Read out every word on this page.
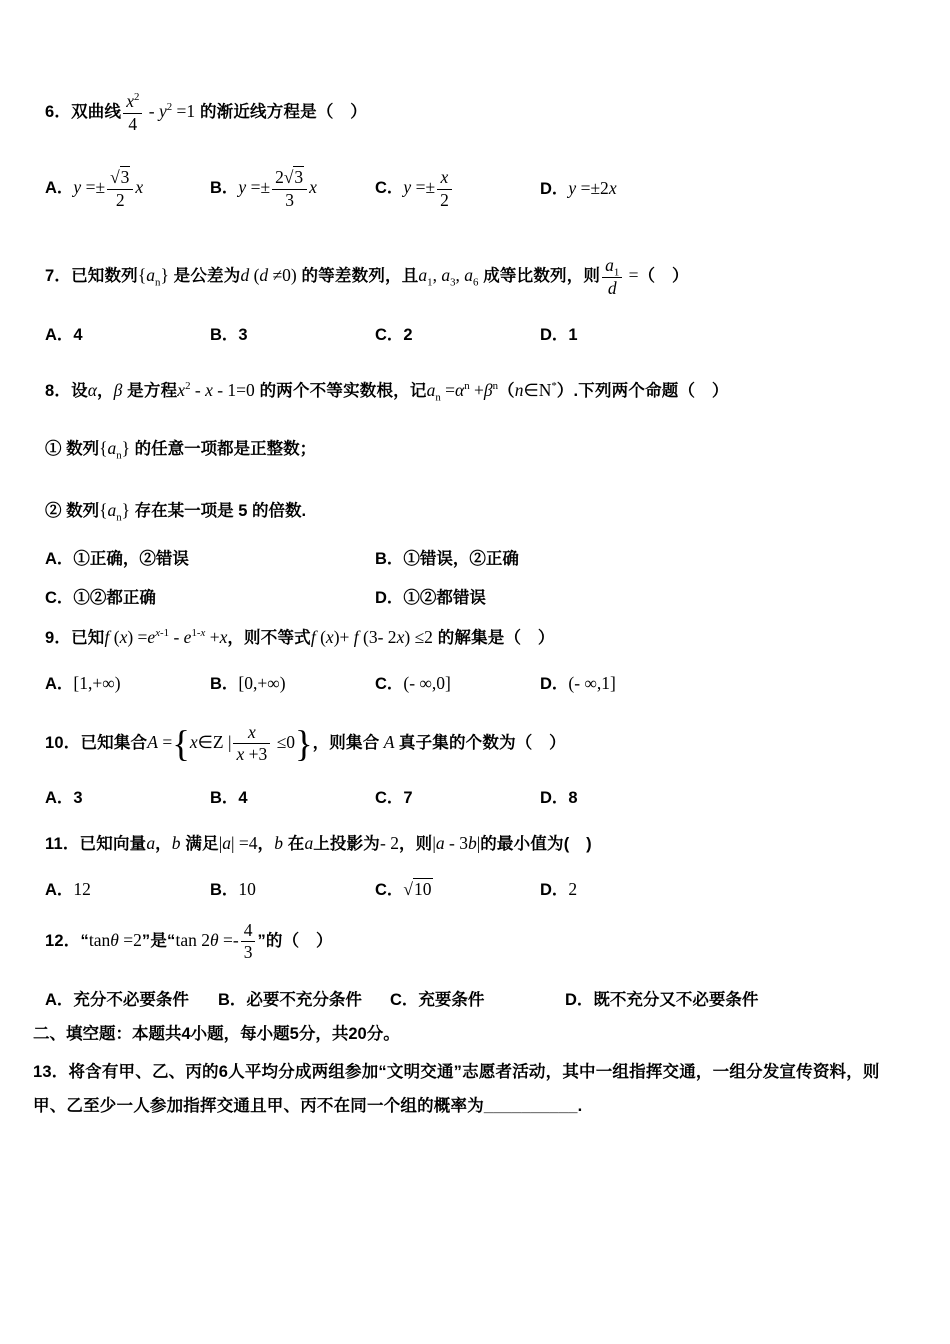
6．双曲线 $\frac{x^2}{4} - y^2 =1$ 的渐近线方程是（　）
A．$y =\pm \frac{√3}{2}$ x	B．$y =\pm \frac{2√3}{3}$ x	C．$y =\pm \frac{x}{2}$	D．y =±2x
7．已知数列$\{a_n\}$ 是公差为d (d ≠0) 的等差数列，且$a_1$, $a_3$, $a_6$ 成等比数列，则 $\frac{a_1}{d}$ =（　）
A．4	B．3	C．2	D．1
8．设α，β 是方程$x^2 - x - 1=0$ 的两个不等实数根，记$a_n =\alpha^n$ $+\beta^n(n\in N^*)$.下列两个命题（　）
① 数列$\{a_n\}$ 的任意一项都是正整数；
② 数列$\{a_n\}$ 存在某一项是 5 的倍数.
A．①正确，②错误	B．①错误，②正确
C．①②都正确	D．①②都错误
9．已知f $(x) =e^{x-1} - e^{1-x} +x$，则不等式f (x)+ f (3- 2x) ≤2 的解集是（　）
A．[1,+∞)	B．[0,+∞)	C．(- ∞,0]	D．(- ∞,1]
10．已知集合A ={x∈Z | $\frac{x}{x +3} \le 0$}，则集合 A 真子集的个数为（　）
A．3	B．4	C．7	D．8
11．已知向量a，b 满足|a| =4，b 在a上投影为- 2，则|a - 3b|的最小值为(　)
A．12	B．10	C．√10	D．2
12．“tanθ =2”是“tan $2\theta =- \frac{4}{3}$ ”的（　）
A．充分不必要条件	B．必要不充分条件	C．充要条件	D．既不充分又不必要条件
二、填空题：本题共4小题，每小题5分，共20分。
13．将含有甲、乙、丙的6人平均分成两组参加“文明交通”志愿者活动，其中一组指挥交通，一组分发宣传资料，则
甲、乙至少一人参加指挥交通且甲、丙不在同一个组的概率为__________.
